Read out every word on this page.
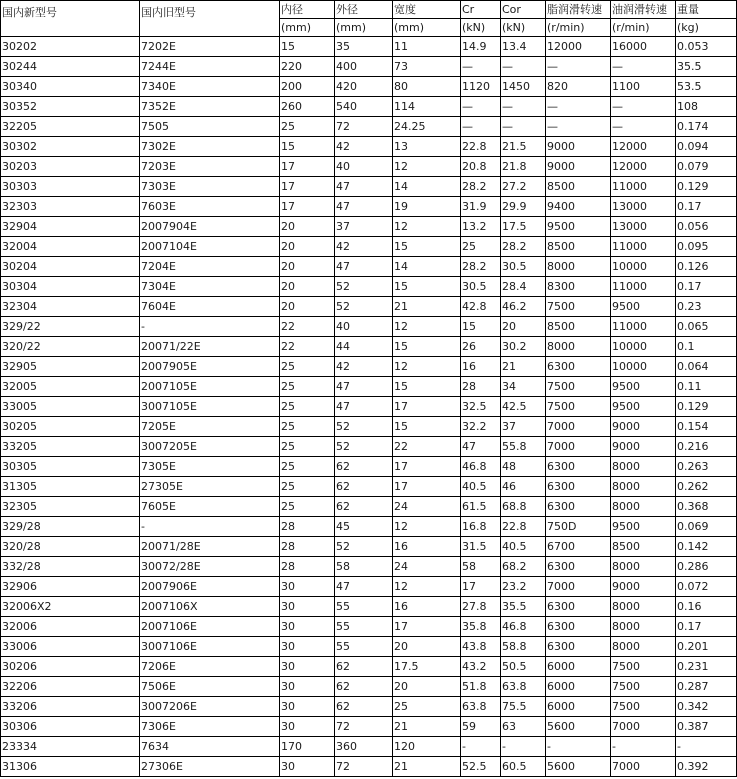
国内新型号	国内旧型号	内径	外径	宽度	Cr	Cor	脂润滑转速	油润滑转速	重量
		(mm)	(mm)	(mm)	(kN)	(kN)	(r/min)	(r/min)	(kg)
30202	7202E	15	35	11	14.9	13.4	12000	16000	0.053
30244	7244E	220	400	73	—	—	—	—	35.5
30340	7340E	200	420	80	1120	1450	820	1100	53.5
30352	7352E	260	540	114	—	—	—	—	108
32205	7505	25	72	24.25	—	—	—	—	0.174
30302	7302E	15	42	13	22.8	21.5	9000	12000	0.094
30203	7203E	17	40	12	20.8	21.8	9000	12000	0.079
30303	7303E	17	47	14	28.2	27.2	8500	11000	0.129
32303	7603E	17	47	19	31.9	29.9	9400	13000	0.17
32904	2007904E	20	37	12	13.2	17.5	9500	13000	0.056
32004	2007104E	20	42	15	25	28.2	8500	11000	0.095
30204	7204E	20	47	14	28.2	30.5	8000	10000	0.126
30304	7304E	20	52	15	30.5	28.4	8300	11000	0.17
32304	7604E	20	52	21	42.8	46.2	7500	9500	0.23
329/22	-	22	40	12	15	20	8500	11000	0.065
320/22	20071/22E	22	44	15	26	30.2	8000	10000	0.1
32905	2007905E	25	42	12	16	21	6300	10000	0.064
32005	2007105E	25	47	15	28	34	7500	9500	0.11
33005	3007105E	25	47	17	32.5	42.5	7500	9500	0.129
30205	7205E	25	52	15	32.2	37	7000	9000	0.154
33205	3007205E	25	52	22	47	55.8	7000	9000	0.216
30305	7305E	25	62	17	46.8	48	6300	8000	0.263
31305	27305E	25	62	17	40.5	46	6300	8000	0.262
32305	7605E	25	62	24	61.5	68.8	6300	8000	0.368
329/28	-	28	45	12	16.8	22.8	750D	9500	0.069
320/28	20071/28E	28	52	16	31.5	40.5	6700	8500	0.142
332/28	30072/28E	28	58	24	58	68.2	6300	8000	0.286
32906	2007906E	30	47	12	17	23.2	7000	9000	0.072
32006X2	2007106X	30	55	16	27.8	35.5	6300	8000	0.16
32006	2007106E	30	55	17	35.8	46.8	6300	8000	0.17
33006	3007106E	30	55	20	43.8	58.8	6300	8000	0.201
30206	7206E	30	62	17.5	43.2	50.5	6000	7500	0.231
32206	7506E	30	62	20	51.8	63.8	6000	7500	0.287
33206	3007206E	30	62	25	63.8	75.5	6000	7500	0.342
30306	7306E	30	72	21	59	63	5600	7000	0.387
23334	7634	170	360	120	-	-	-	-	-
31306	27306E	30	72	21	52.5	60.5	5600	7000	0.392
